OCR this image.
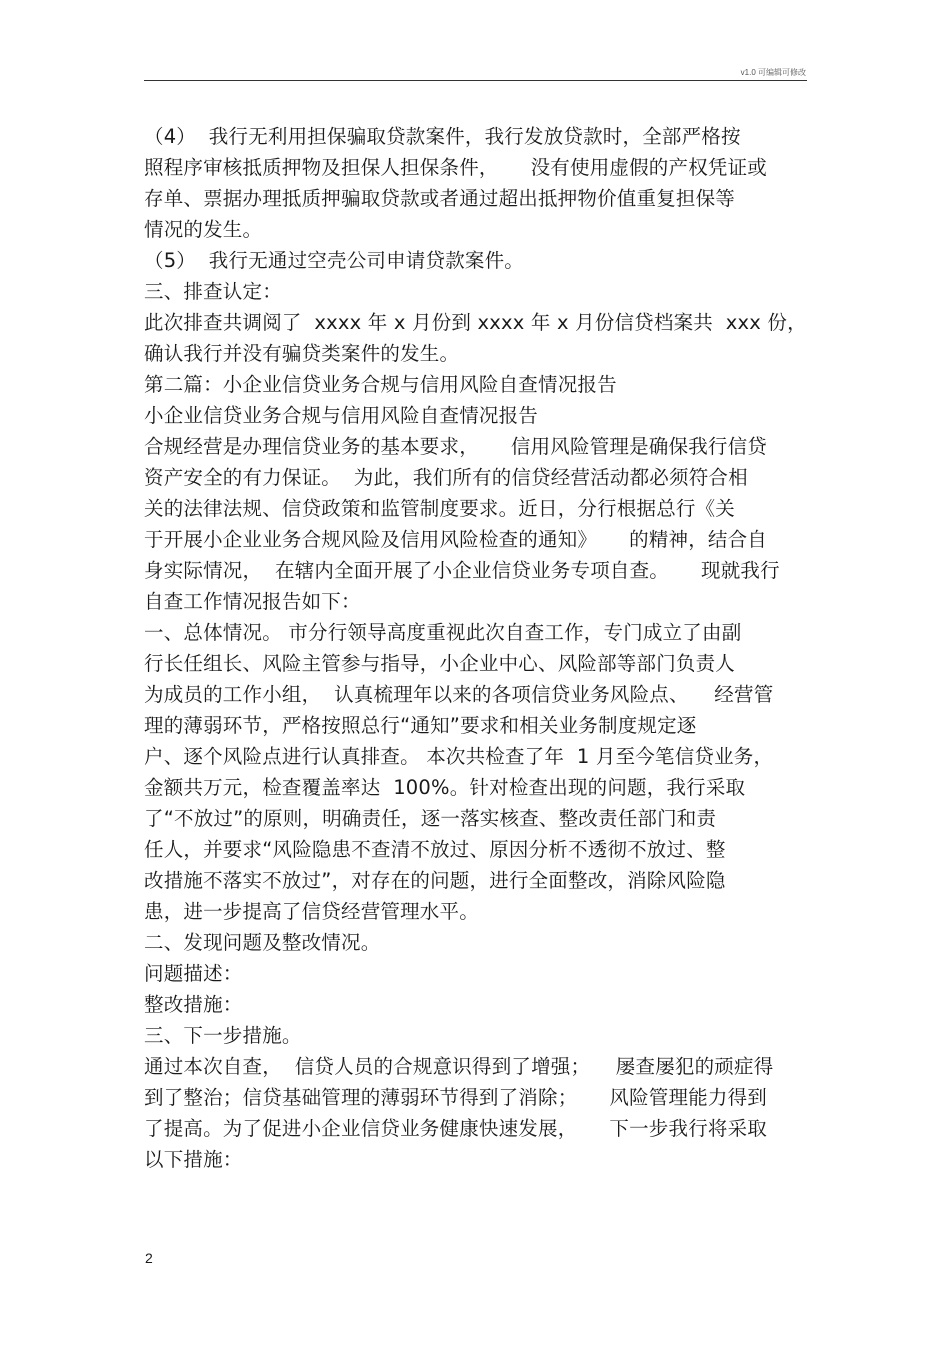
v1.0 可编辑可修改
（4）  我行无利用担保骗取贷款案件，我行发放贷款时，全部严格按
照程序审核抵质押物及担保人担保条件，     没有使用虚假的产权凭证或
存单、票据办理抵质押骗取贷款或者通过超出抵押物价值重复担保等
情况的发生。
（5）  我行无通过空壳公司申请贷款案件。
三、排查认定：
此次排查共调阅了  xxxx 年 x 月份到 xxxx 年 x 月份信贷档案共  xxx 份，
确认我行并没有骗贷类案件的发生。
第二篇：小企业信贷业务合规与信用风险自查情况报告
小企业信贷业务合规与信用风险自查情况报告
合规经营是办理信贷业务的基本要求，     信用风险管理是确保我行信贷
资产安全的有力保证。  为此，我们所有的信贷经营活动都必须符合相
关的法律法规、信贷政策和监管制度要求。近日，分行根据总行《关
于开展小企业业务合规风险及信用风险检查的通知》     的精神，结合自
身实际情况，  在辖内全面开展了小企业信贷业务专项自查。     现就我行
自查工作情况报告如下：
一、总体情况。 市分行领导高度重视此次自查工作，专门成立了由副
行长任组长、风险主管参与指导，小企业中心、风险部等部门负责人
为成员的工作小组，  认真梳理年以来的各项信贷业务风险点、    经营管
理的薄弱环节，严格按照总行“通知”要求和相关业务制度规定逐
户、逐个风险点进行认真排查。 本次共检查了年  1 月至今笔信贷业务，
金额共万元，检查覆盖率达  100%。针对检查出现的问题，我行采取
了“不放过”的原则，明确责任，逐一落实核查、整改责任部门和责
任人，并要求“风险隐患不查清不放过、原因分析不透彻不放过、整
改措施不落实不放过”，对存在的问题，进行全面整改，消除风险隐
患，进一步提高了信贷经营管理水平。
二、发现问题及整改情况。
问题描述：
整改措施：
三、下一步措施。
通过本次自查，  信贷人员的合规意识得到了增强；    屡查屡犯的顽症得
到了整治；信贷基础管理的薄弱环节得到了消除；     风险管理能力得到
了提高。为了促进小企业信贷业务健康快速发展，     下一步我行将采取
以下措施：
2
